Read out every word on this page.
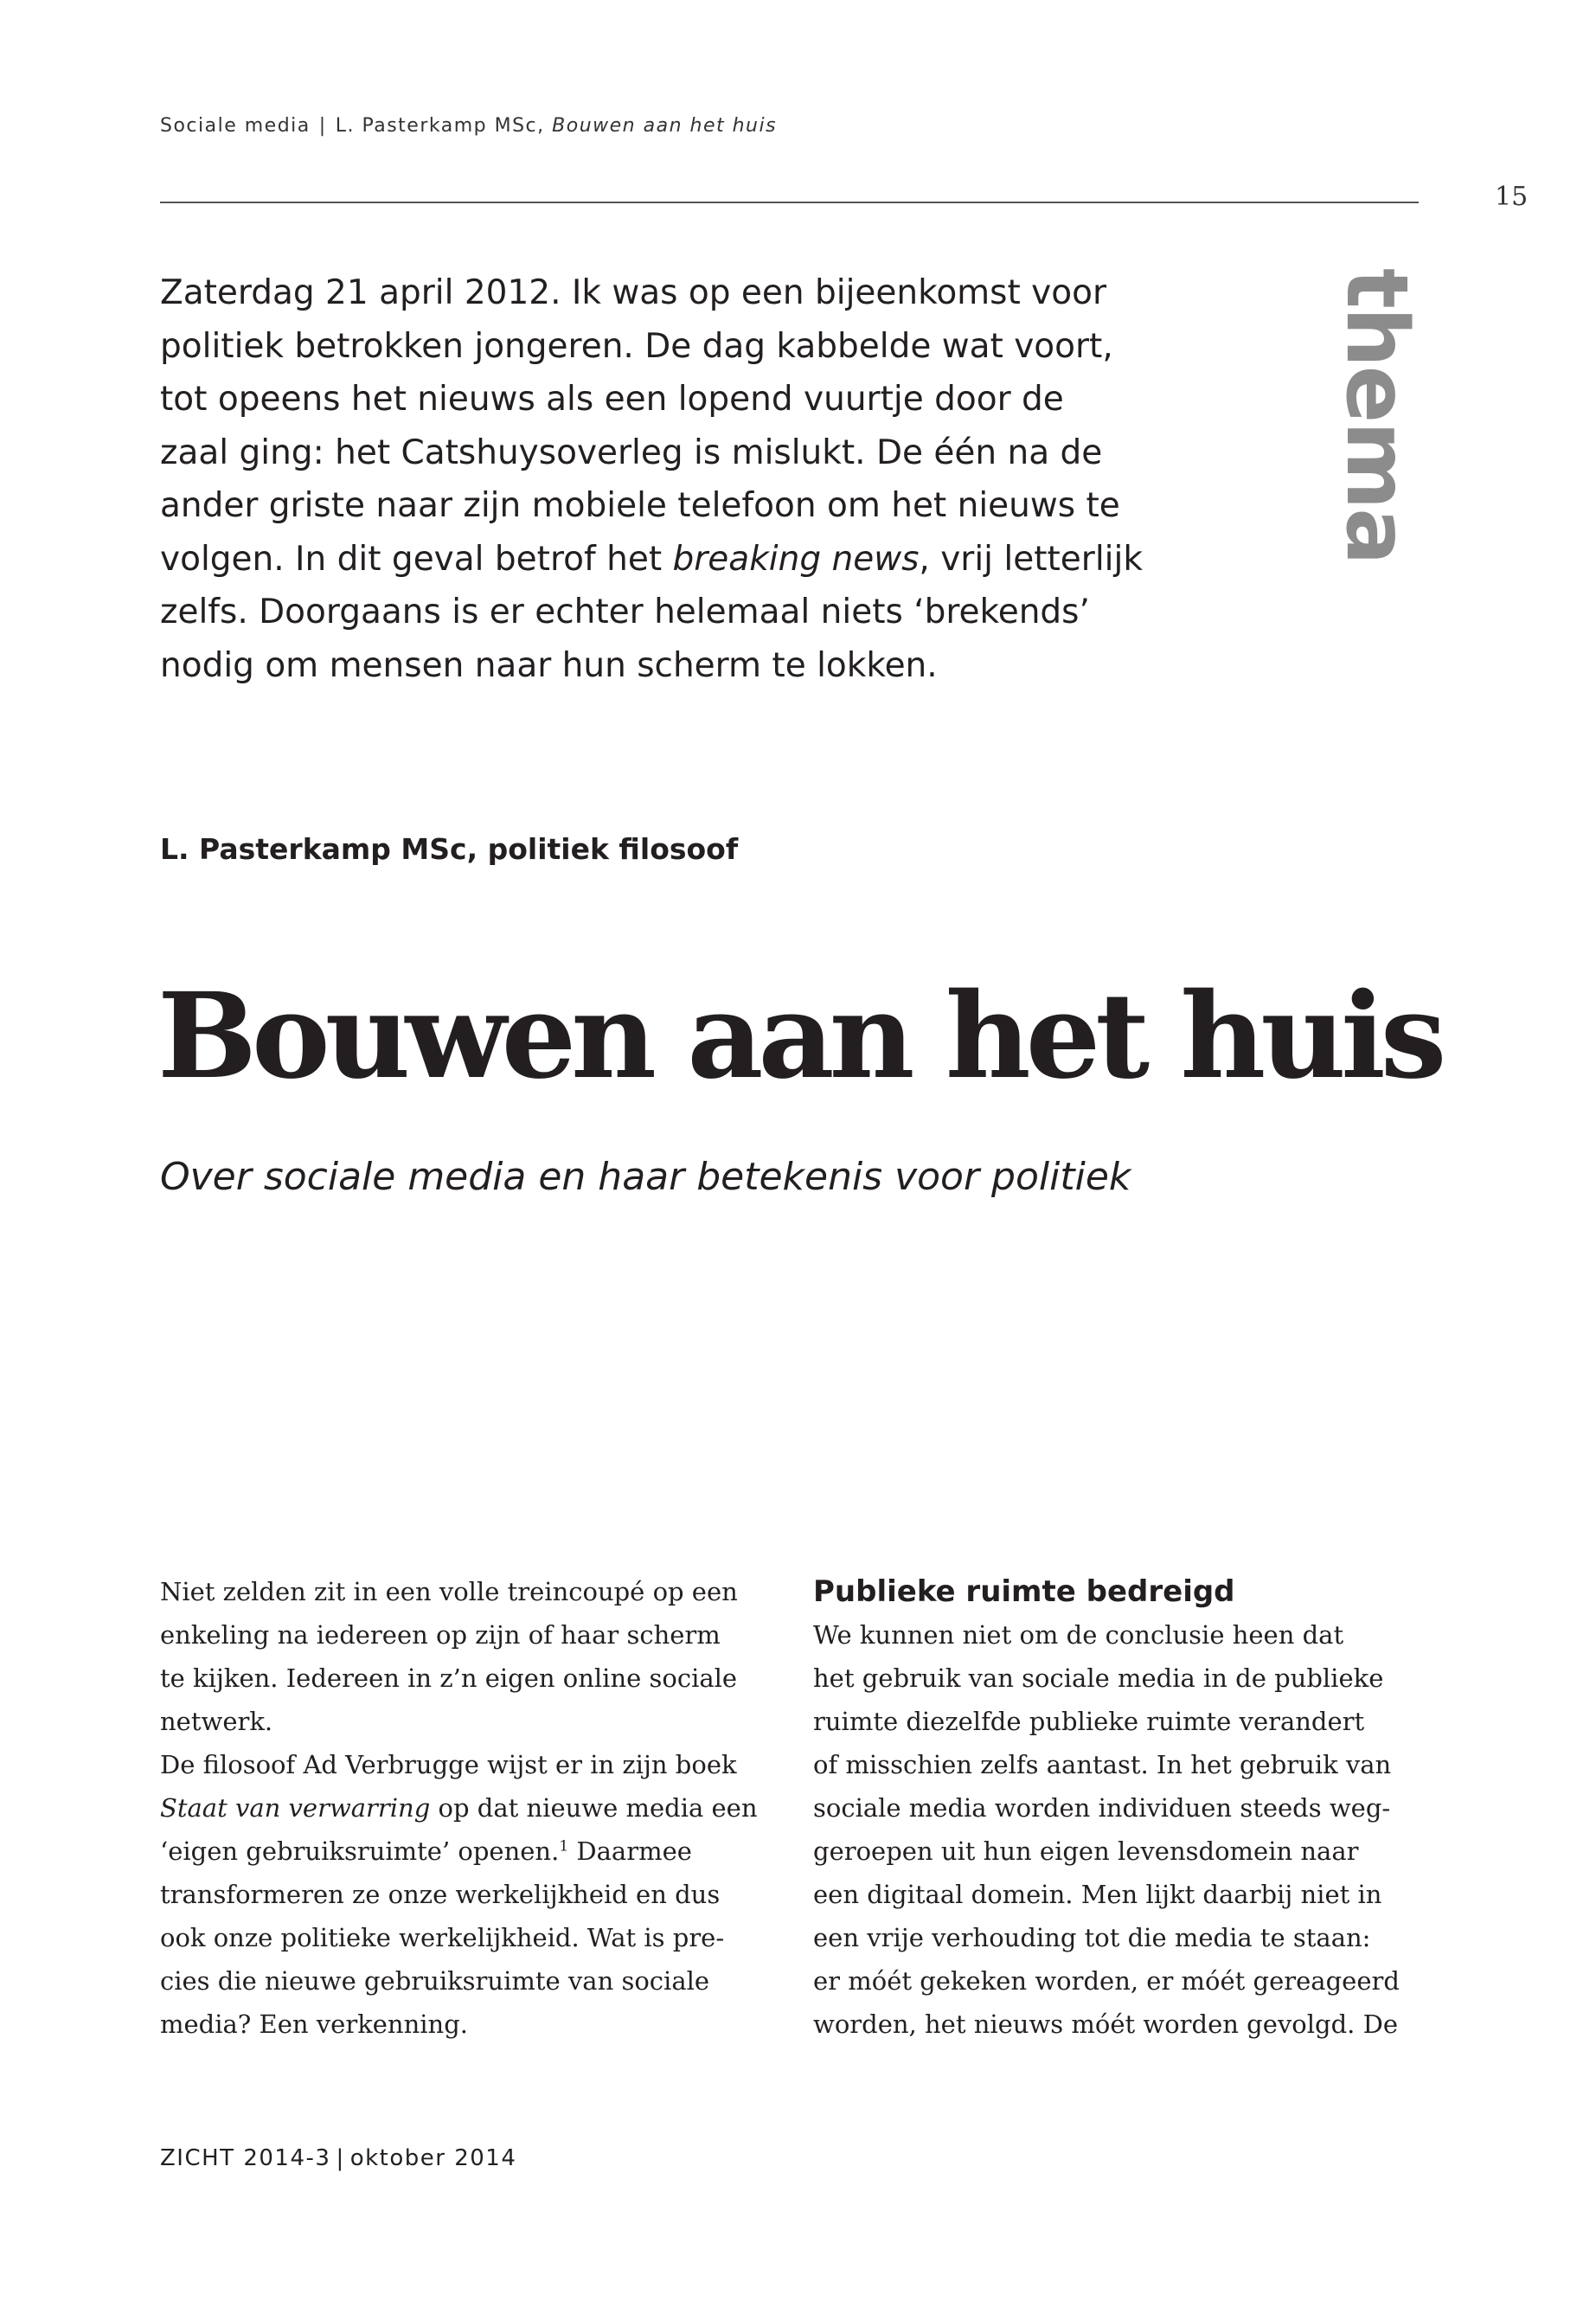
Sociale media | L. Pasterkamp MSc, Bouwen aan het huis
15
thema
Zaterdag 21 april 2012. Ik was op een bijeenkomst voor
politiek betrokken jongeren. De dag kabbelde wat voort,
tot opeens het nieuws als een lopend vuurtje door de
zaal ging: het Catshuysoverleg is mislukt. De één na de
ander griste naar zijn mobiele telefoon om het nieuws te
volgen. In dit geval betrof het breaking news, vrij letterlijk
zelfs. Doorgaans is er echter helemaal niets ‘brekends’
nodig om mensen naar hun scherm te lokken.
L. Pasterkamp MSc, politiek filosoof
Bouwen aan het huis
Over sociale media en haar betekenis voor politiek
Niet zelden zit in een volle treincoupé op een
enkeling na iedereen op zijn of haar scherm
te kijken. Iedereen in z’n eigen online sociale
netwerk.
De filosoof Ad Verbrugge wijst er in zijn boek
Staat van verwarring op dat nieuwe media een
‘eigen gebruiksruimte’ openen.$^1$ Daarmee
transformeren ze onze werkelijkheid en dus
ook onze politieke werkelijkheid. Wat is pre-
cies die nieuwe gebruiksruimte van sociale
media? Een verkenning.
Publieke ruimte bedreigd
We kunnen niet om de conclusie heen dat
het gebruik van sociale media in de publieke
ruimte diezelfde publieke ruimte verandert
of misschien zelfs aantast. In het gebruik van
sociale media worden individuen steeds weg-
geroepen uit hun eigen levensdomein naar
een digitaal domein. Men lijkt daarbij niet in
een vrije verhouding tot die media te staan:
er móét gekeken worden, er móét gereageerd
worden, het nieuws móét worden gevolgd. De
ZICHT 2014-3 | oktober 2014
